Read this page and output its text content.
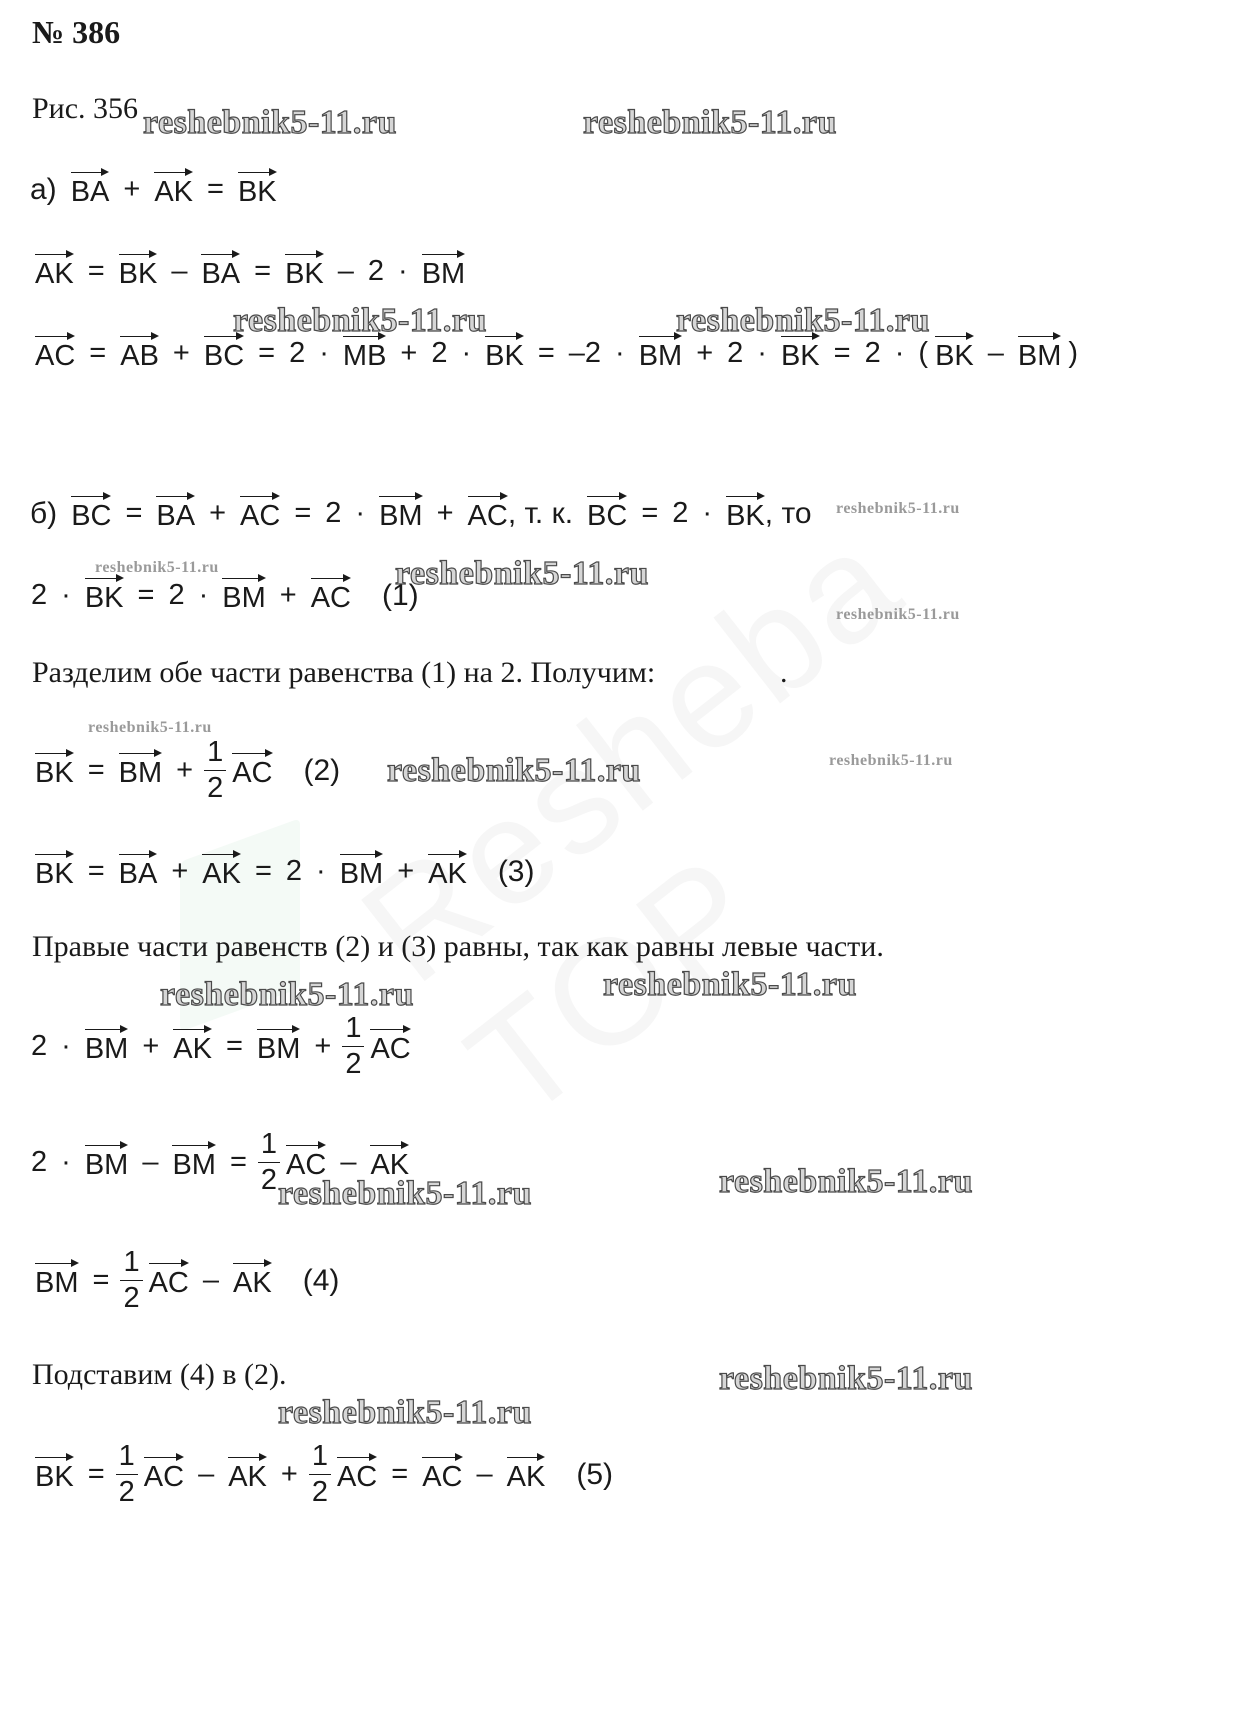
№ 386
Рис. 356 reshebnik5-11.ru	reshebnik5-11.ru
reshebnik5-11.ru	reshebnik5-11.ru
reshebnik5-11.ru
reshebnik5-11.ru	reshebnik5-11.ru
reshebnik5-11.ru
reshebnik5-11.ru
reshebnik5-11.ru	reshebnik5-11.ru
reshebnik5-11.ru	reshebnik5-11.ru
reshebnik5-11.ru	reshebnik5-11.ru
reshebnik5-11.ru
reshebnik5-11.ru
а) BA + AK = BK
AK = BK – BA = BK – 2 · BM
AC = AB + BC = 2 · MB + 2 · BK = –2 · BM + 2 · BK = 2 · ( BK – BM )
б) BC = BA + AC = 2 · BM + AC , т. к. BC = 2 · BK , то
2 · BK = 2 · BM + AC (1)
Разделим обе части равенства (1) на 2. Получим:	.
BK = BM + $\frac{1}{2}$ AC (2)
BK = BA + AK = 2 · BM + AK (3)
Правые части равенств (2) и (3) равны, так как равны левые части.
2 · BM + AK = BM + $\frac{1}{2}$ AC
2 · BM – BM = $\frac{1}{2}$ AC – AK
BM = $\frac{1}{2}$ AC – AK (4)
Подставим (4) в (2).
BK = $\frac{1}{2}$ AC – AK + $\frac{1}{2}$ AC = AC – AK (5)
